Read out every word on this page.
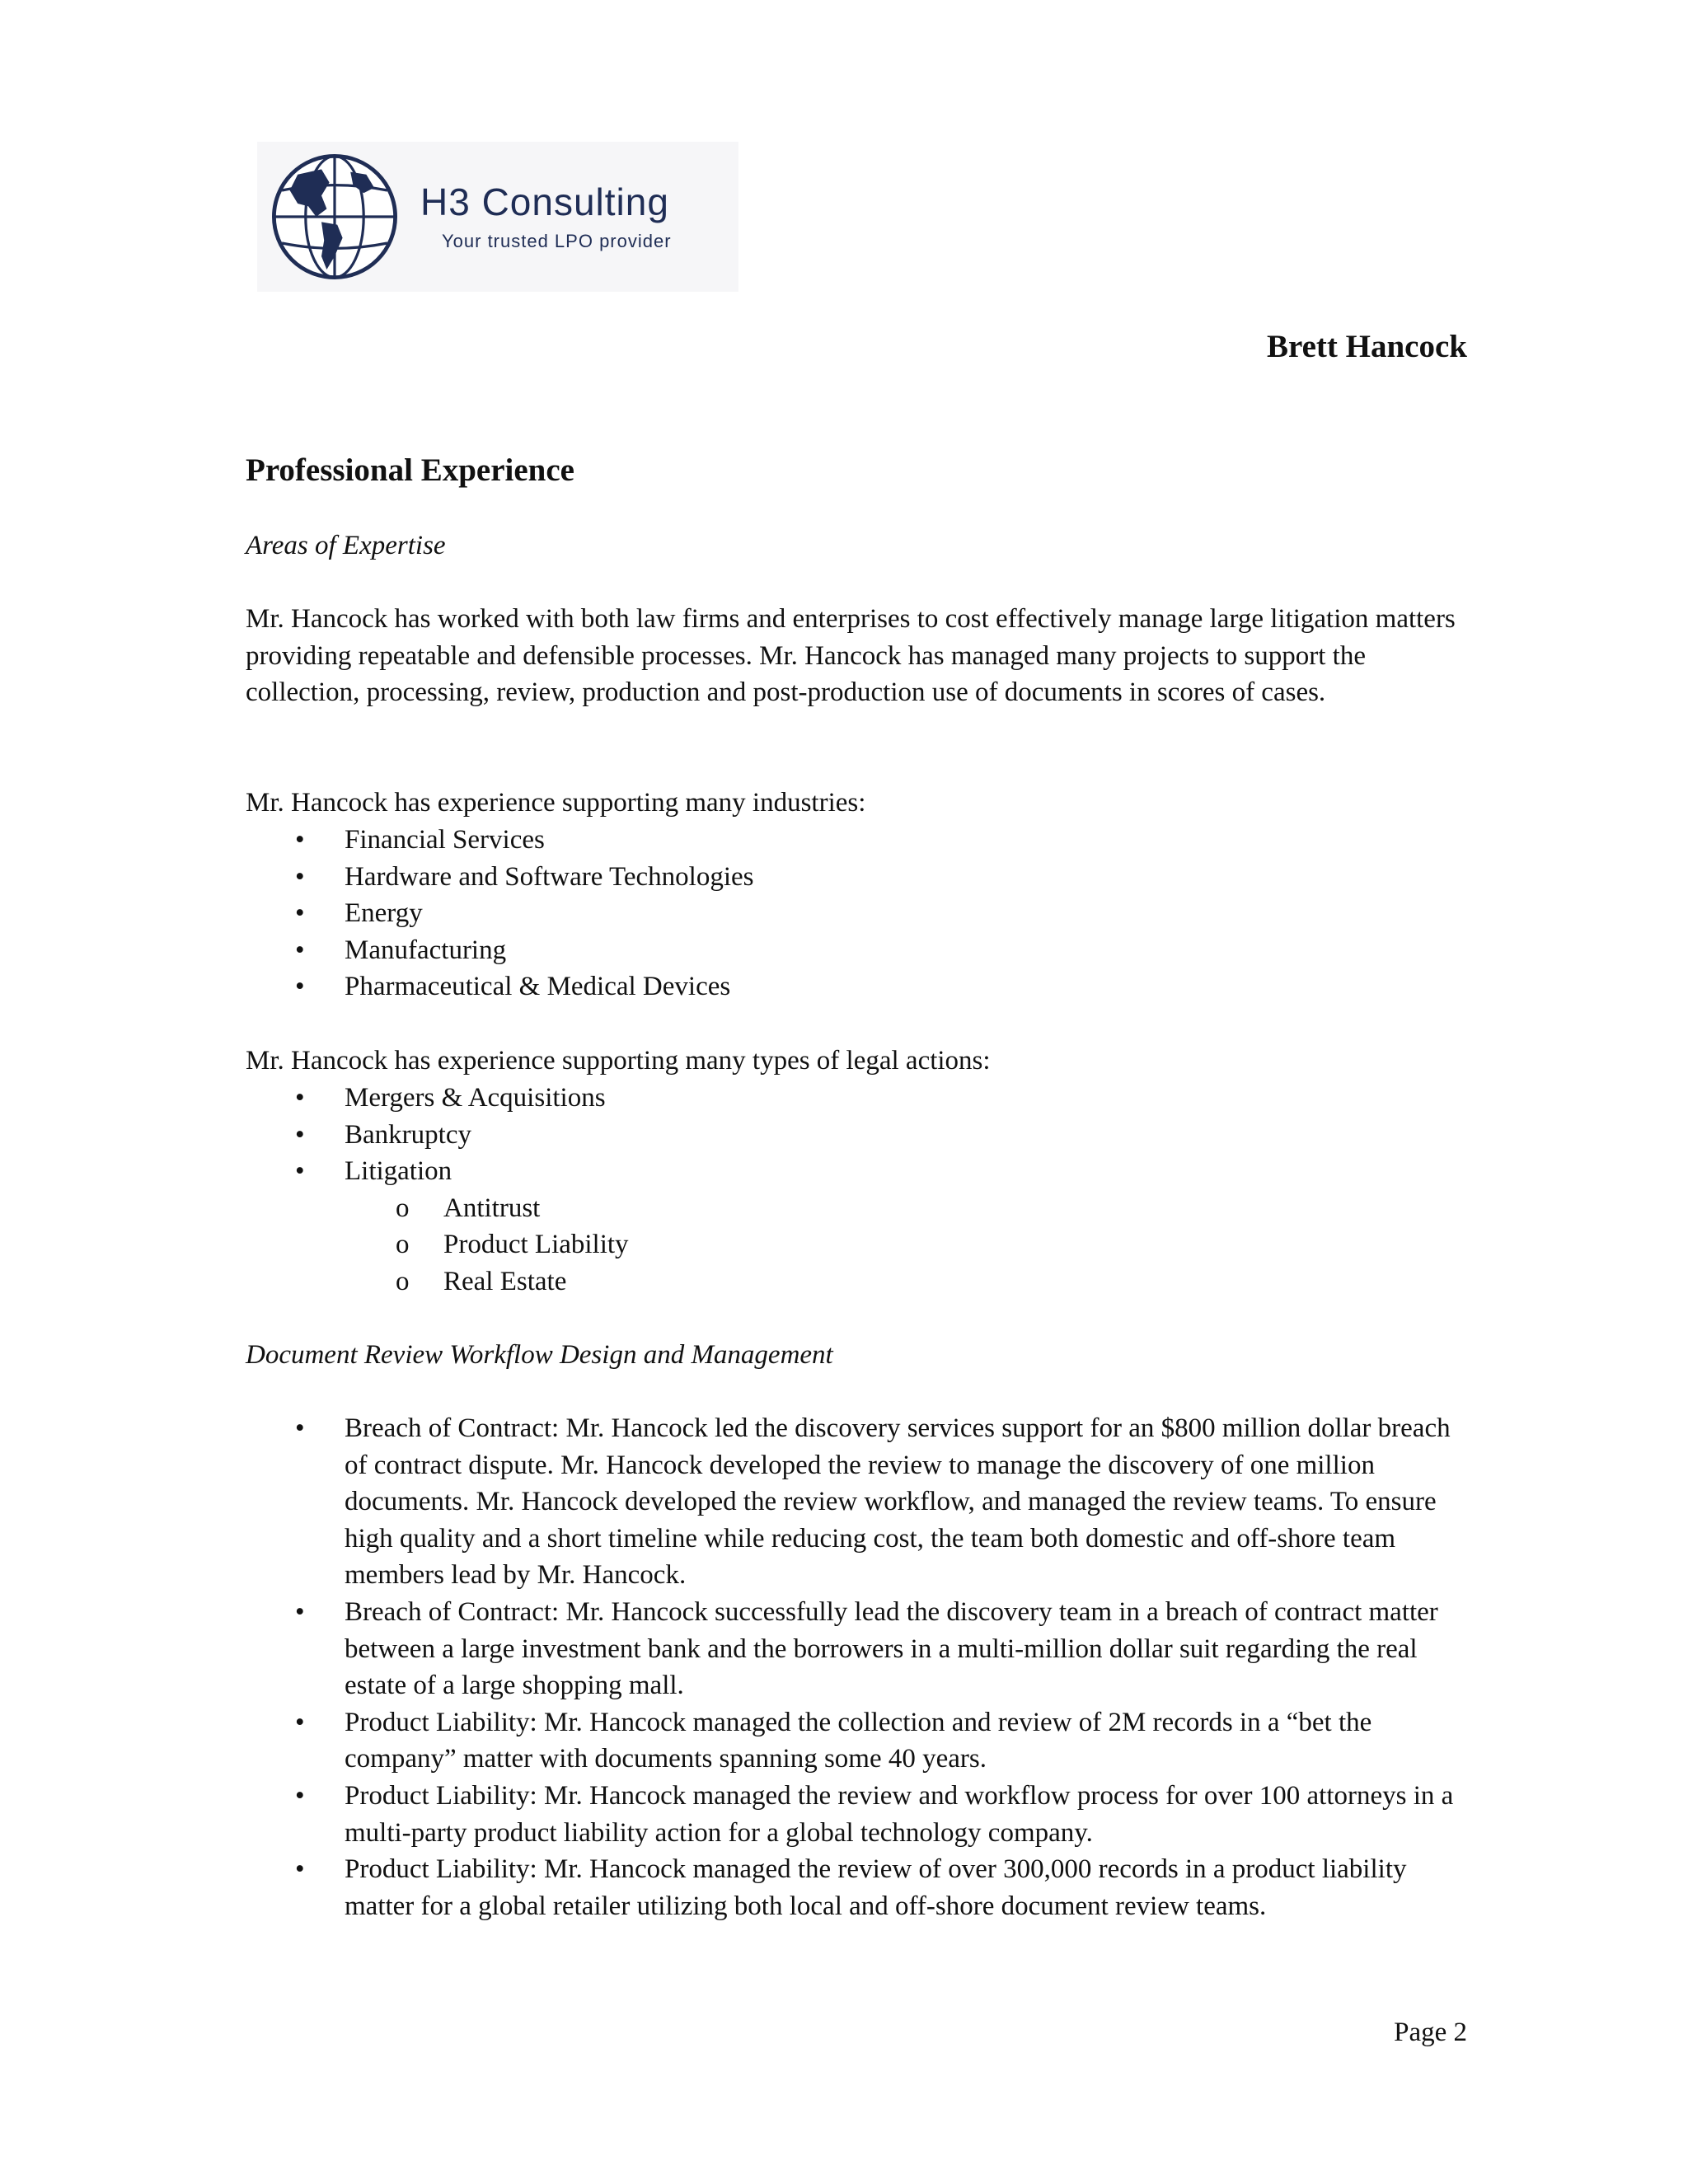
H3 Consulting
Your trusted LPO provider
Brett Hancock
Professional Experience

Areas of Expertise

Mr. Hancock has worked with both law firms and enterprises to cost effectively manage large litigation matters providing repeatable and defensible processes. Mr. Hancock has managed many projects to support the collection, processing, review, production and post-production use of documents in scores of cases.

Mr. Hancock has experience supporting many industries:

• Financial Services
• Hardware and Software Technologies
• Energy
• Manufacturing
• Pharmaceutical & Medical Devices

Mr. Hancock has experience supporting many types of legal actions:

• Mergers & Acquisitions
• Bankruptcy
• Litigation
o Antitrust
o Product Liability
o Real Estate

Document Review Workflow Design and Management

• Breach of Contract: Mr. Hancock led the discovery services support for an $800 million dollar breach of contract dispute. Mr. Hancock developed the review to manage the discovery of one million documents. Mr. Hancock developed the review workflow, and managed the review teams. To ensure high quality and a short timeline while reducing cost, the team both domestic and off-shore team members lead by Mr. Hancock.
• Breach of Contract: Mr. Hancock successfully lead the discovery team in a breach of contract matter between a large investment bank and the borrowers in a multi-million dollar suit regarding the real estate of a large shopping mall.
• Product Liability: Mr. Hancock managed the collection and review of 2M records in a “bet the company” matter with documents spanning some 40 years.
• Product Liability: Mr. Hancock managed the review and workflow process for over 100 attorneys in a multi-party product liability action for a global technology company.
• Product Liability: Mr. Hancock managed the review of over 300,000 records in a product liability matter for a global retailer utilizing both local and off-shore document review teams.

Page 2
